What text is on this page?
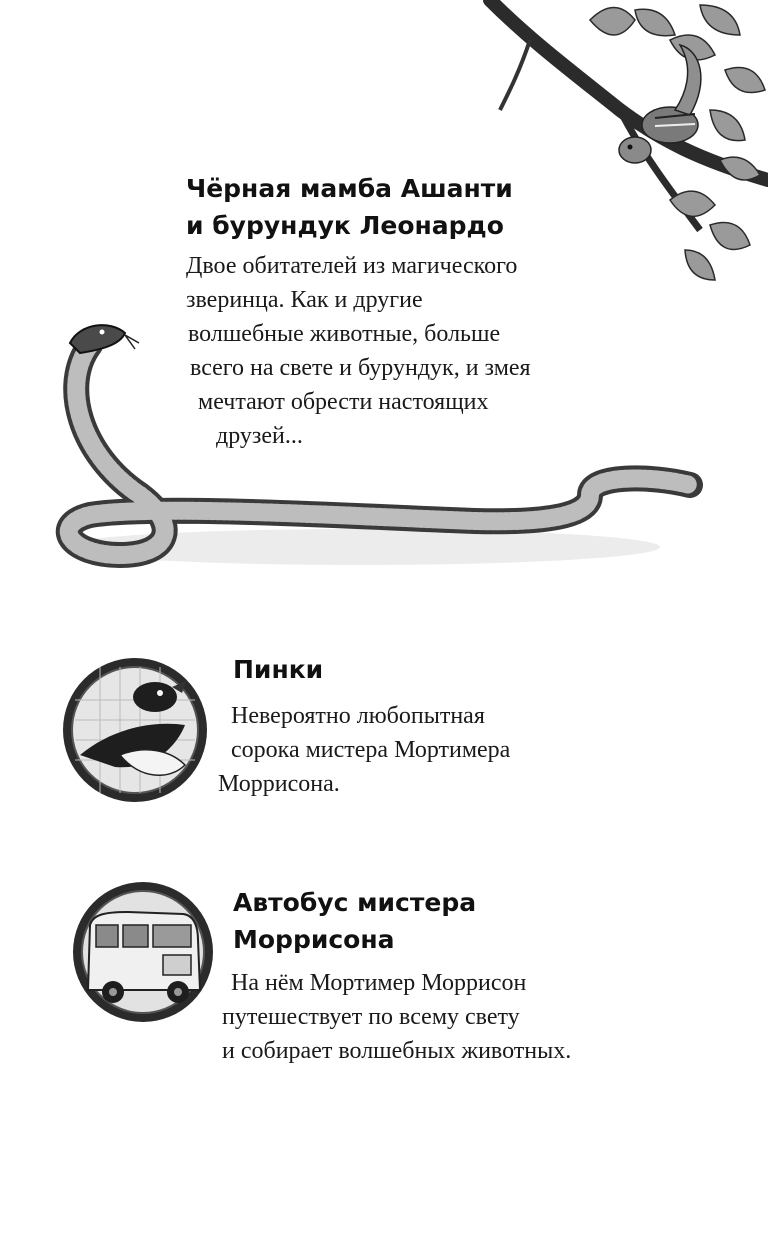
Чёрная мамба Ашанти
и бурундук Леонардо

Двое обитателей из магического
зверинца. Как и другие
волшебные животные, больше
всего на свете и бурундук, и змея
мечтают обрести настоящих
друзей...

Пинки

Невероятно любопытная
сорока мистера Мортимера
Моррисона.

Автобус мистера
Моррисона

На нём Мортимер Моррисон
путешествует по всему свету
и собирает волшебных животных.
